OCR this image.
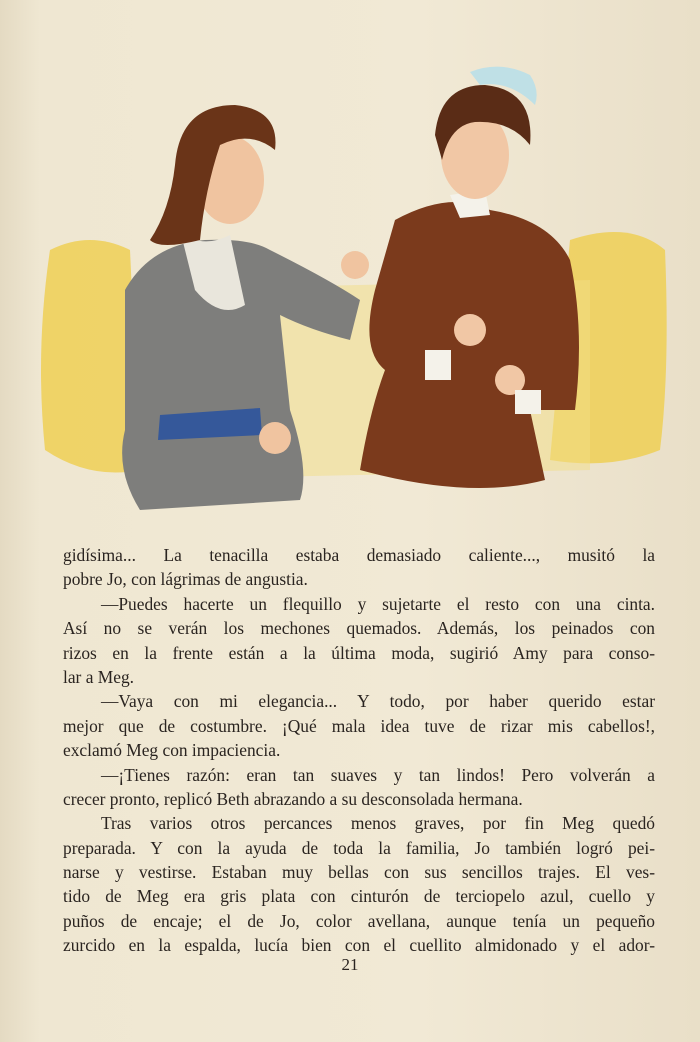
gidísima... La tenacilla estaba demasiado caliente..., musitó la
pobre Jo, con lágrimas de angustia.
—Puedes hacerte un flequillo y sujetarte el resto con una cinta.
Así no se verán los mechones quemados. Además, los peinados con
rizos en la frente están a la última moda, sugirió Amy para conso-
lar a Meg.
—Vaya con mi elegancia... Y todo, por haber querido estar
mejor que de costumbre. ¡Qué mala idea tuve de rizar mis cabellos!,
exclamó Meg con impaciencia.
—¡Tienes razón: eran tan suaves y tan lindos! Pero volverán a
crecer pronto, replicó Beth abrazando a su desconsolada hermana.
Tras varios otros percances menos graves, por fin Meg quedó
preparada. Y con la ayuda de toda la familia, Jo también logró pei-
narse y vestirse. Estaban muy bellas con sus sencillos trajes. El ves-
tido de Meg era gris plata con cinturón de terciopelo azul, cuello y
puños de encaje; el de Jo, color avellana, aunque tenía un pequeño
zurcido en la espalda, lucía bien con el cuellito almidonado y el ador-
21
